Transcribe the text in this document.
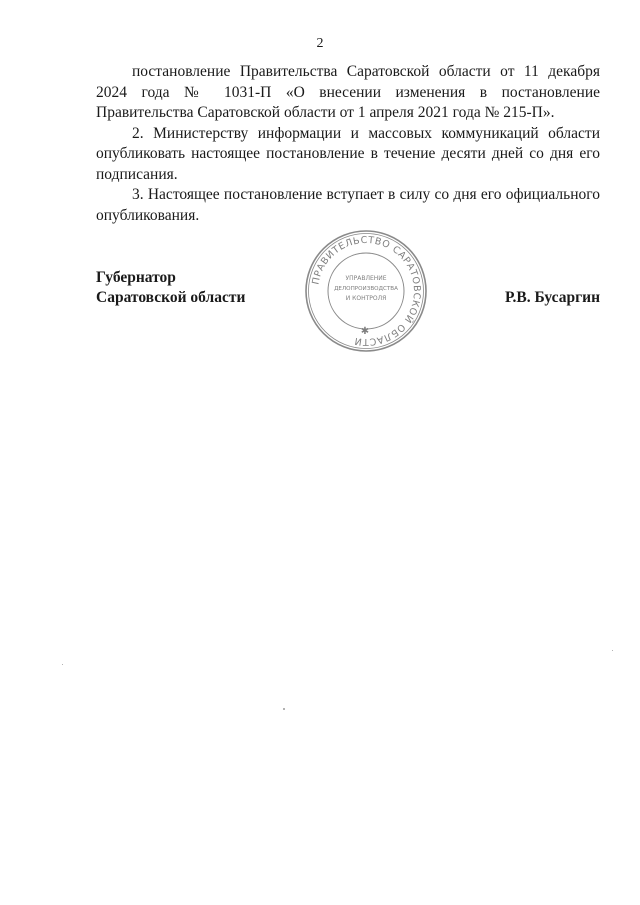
2

постановление Правительства Саратовской области от 11 декабря 2024 года № 1031-П «О внесении изменения в постановление Правительства Саратовской области от 1 апреля 2021 года № 215-П».

2. Министерству информации и массовых коммуникаций области опубликовать настоящее постановление в течение десяти дней со дня его подписания.

3. Настоящее постановление вступает в силу со дня его официального опубликования.

ПРАВИТЕЛЬСТВО САРАТОВСКОЙ ОБЛАСТИ
УПРАВЛЕНИЕ
ДЕЛОПРОИЗВОДСТВА
И КОНТРОЛЯ
✱
Губернатор
Саратовской области	Р.В. Бусаргин
